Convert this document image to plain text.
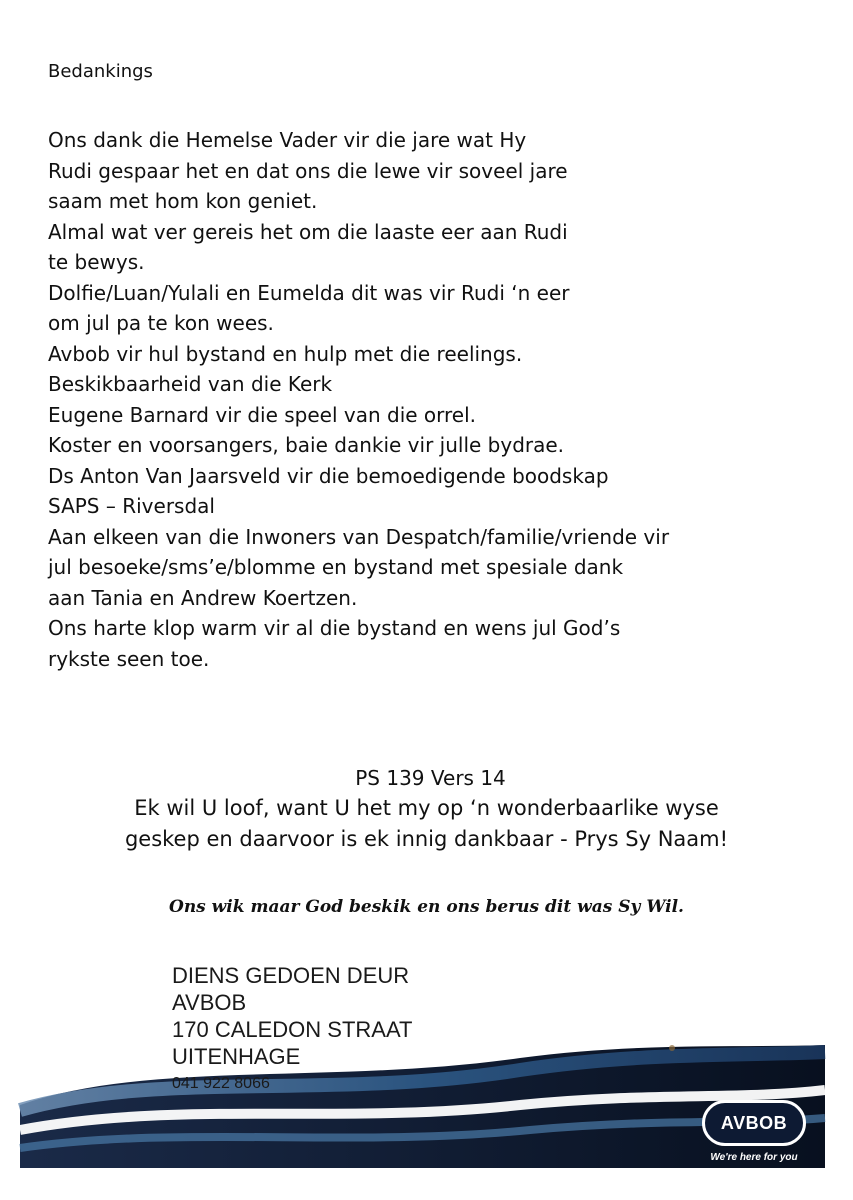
Bedankings
Ons dank die Hemelse Vader vir die jare wat Hy
Rudi gespaar het en dat ons die lewe vir soveel jare
saam met hom kon geniet.
Almal wat ver gereis het om die laaste eer aan Rudi
te bewys.
Dolfie/Luan/Yulali en Eumelda dit was vir Rudi ‘n eer
om jul pa te kon wees.
Avbob vir hul bystand en hulp met die reelings.
Beskikbaarheid van die Kerk
Eugene Barnard vir die speel van die orrel.
Koster en voorsangers, baie dankie vir julle bydrae.
Ds Anton Van Jaarsveld vir die bemoedigende boodskap
SAPS – Riversdal
Aan elkeen van die Inwoners van Despatch/familie/vriende vir
jul besoeke/sms’e/blomme en bystand met spesiale dank
aan Tania en Andrew Koertzen.
Ons harte klop warm vir al die bystand en wens jul God’s
rykste seen toe.
PS 139 Vers 14
Ek wil U loof, want U het my op ‘n wonderbaarlike wyse
geskep en daarvoor is ek innig dankbaar - Prys Sy Naam!
Ons wik maar God beskik en ons berus dit was Sy Wil.
DIENS GEDOEN DEUR
AVBOB
170 CALEDON STRAAT
UITENHAGE
041 922 8066
AVBOB
We're here for you
